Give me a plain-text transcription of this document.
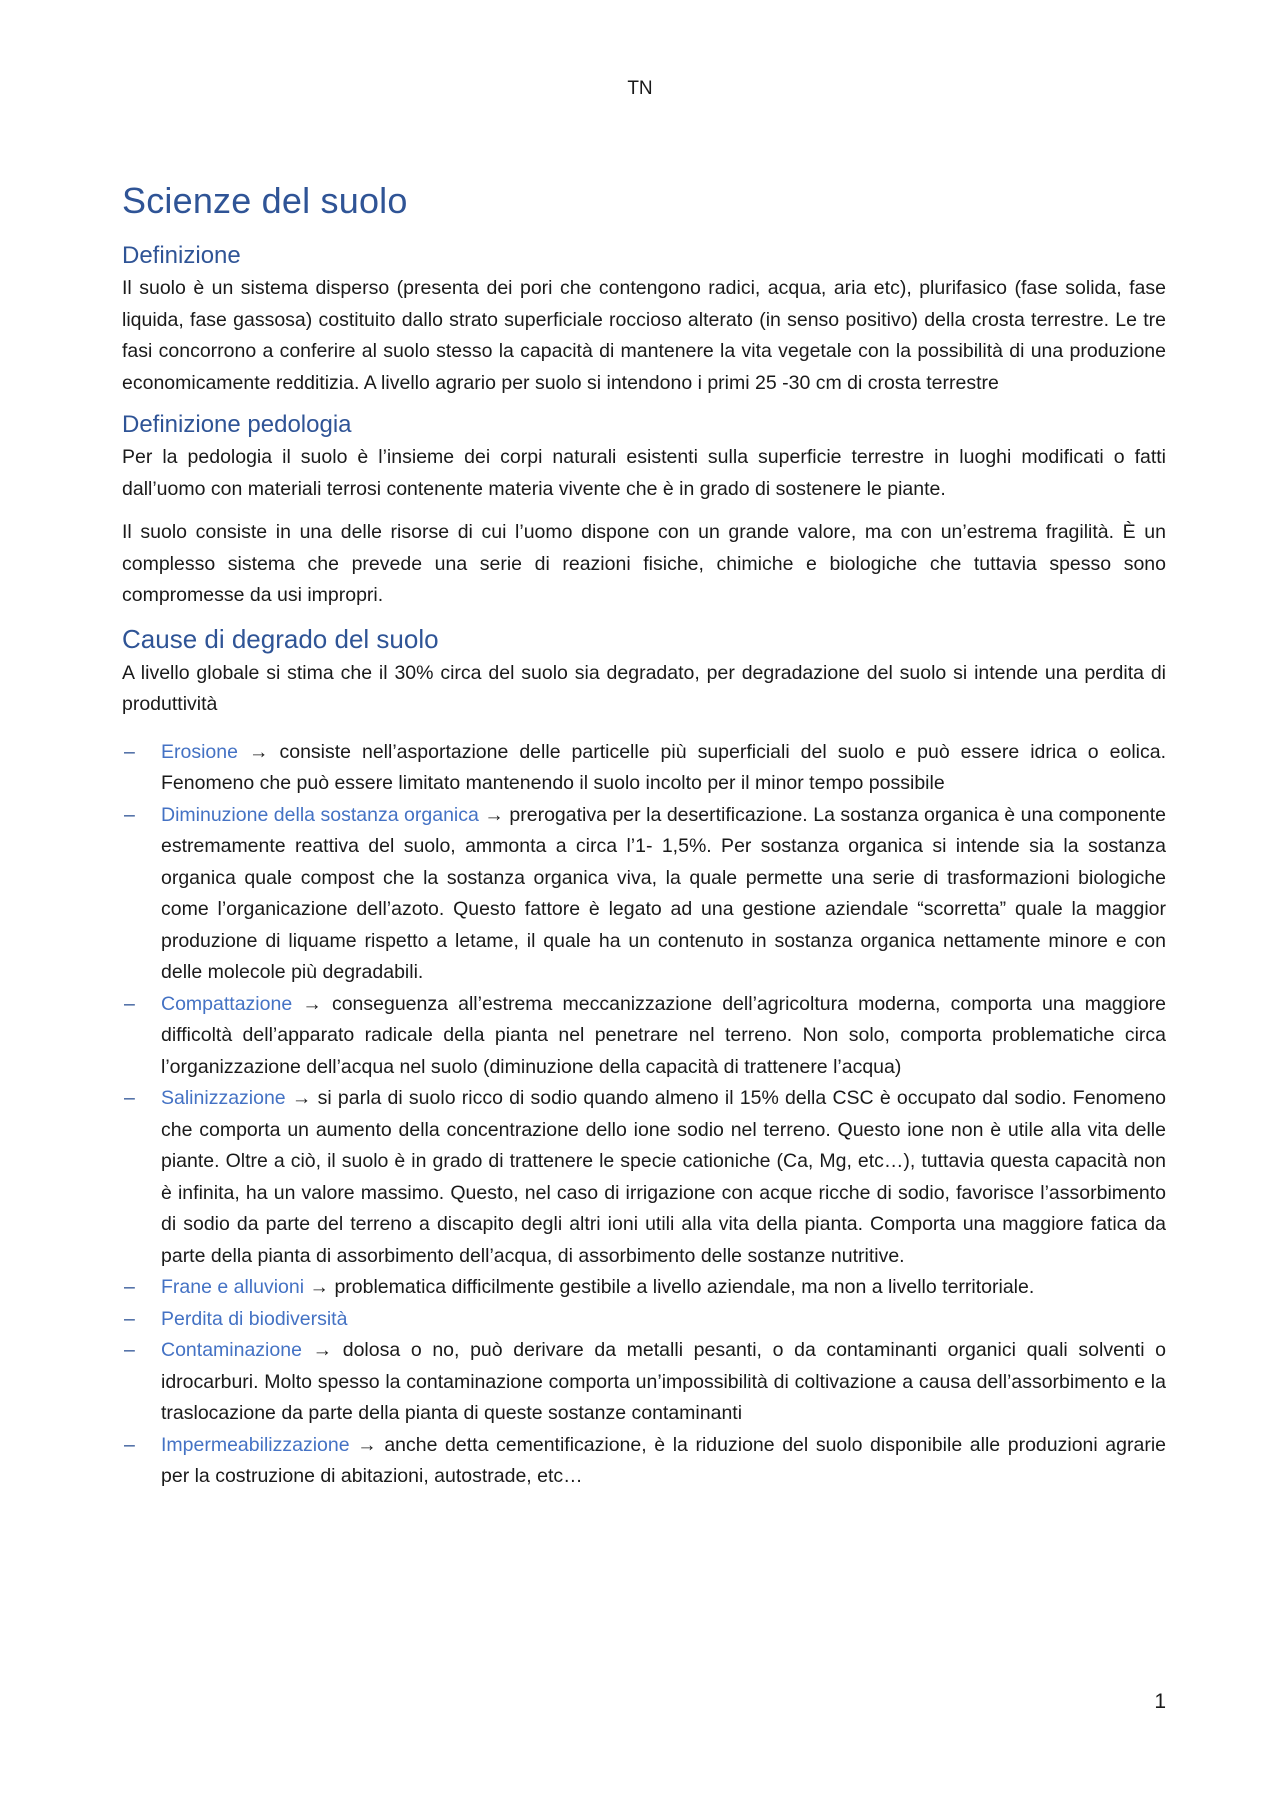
TN
Scienze del suolo
Definizione

Il suolo è un sistema disperso (presenta dei pori che contengono radici, acqua, aria etc), plurifasico (fase solida, fase liquida, fase gassosa) costituito dallo strato superficiale roccioso alterato (in senso positivo) della crosta terrestre. Le tre fasi concorrono a conferire al suolo stesso la capacità di mantenere la vita vegetale con la possibilità di una produzione economicamente redditizia. A livello agrario per suolo si intendono i primi 25 -30 cm di crosta terrestre

Definizione pedologia

Per la pedologia il suolo è l’insieme dei corpi naturali esistenti sulla superficie terrestre in luoghi modificati o fatti dall’uomo con materiali terrosi contenente materia vivente che è in grado di sostenere le piante.

Il suolo consiste in una delle risorse di cui l’uomo dispone con un grande valore, ma con un’estrema fragilità. È un complesso sistema che prevede una serie di reazioni fisiche, chimiche e biologiche che tuttavia spesso sono compromesse da usi impropri.

Cause di degrado del suolo

A livello globale si stima che il 30% circa del suolo sia degradato, per degradazione del suolo si intende una perdita di produttività

– Erosione → consiste nell’asportazione delle particelle più superficiali del suolo e può essere idrica o eolica. Fenomeno che può essere limitato mantenendo il suolo incolto per il minor tempo possibile
– Diminuzione della sostanza organica → prerogativa per la desertificazione. La sostanza organica è una componente estremamente reattiva del suolo, ammonta a circa l’1- 1,5%. Per sostanza organica si intende sia la sostanza organica quale compost che la sostanza organica viva, la quale permette una serie di trasformazioni biologiche come l’organicazione dell’azoto. Questo fattore è legato ad una gestione aziendale “scorretta” quale la maggior produzione di liquame rispetto a letame, il quale ha un contenuto in sostanza organica nettamente minore e con delle molecole più degradabili.
– Compattazione → conseguenza all’estrema meccanizzazione dell’agricoltura moderna, comporta una maggiore difficoltà dell’apparato radicale della pianta nel penetrare nel terreno. Non solo, comporta problematiche circa l’organizzazione dell’acqua nel suolo (diminuzione della capacità di trattenere l’acqua)
– Salinizzazione → si parla di suolo ricco di sodio quando almeno il 15% della CSC è occupato dal sodio. Fenomeno che comporta un aumento della concentrazione dello ione sodio nel terreno. Questo ione non è utile alla vita delle piante. Oltre a ciò, il suolo è in grado di trattenere le specie cationiche (Ca, Mg, etc…), tuttavia questa capacità non è infinita, ha un valore massimo. Questo, nel caso di irrigazione con acque ricche di sodio, favorisce l’assorbimento di sodio da parte del terreno a discapito degli altri ioni utili alla vita della pianta. Comporta una maggiore fatica da parte della pianta di assorbimento dell’acqua, di assorbimento delle sostanze nutritive.
– Frane e alluvioni → problematica difficilmente gestibile a livello aziendale, ma non a livello territoriale.
– Perdita di biodiversità
– Contaminazione → dolosa o no, può derivare da metalli pesanti, o da contaminanti organici quali solventi o idrocarburi. Molto spesso la contaminazione comporta un’impossibilità di coltivazione a causa dell’assorbimento e la traslocazione da parte della pianta di queste sostanze contaminanti
– Impermeabilizzazione → anche detta cementificazione, è la riduzione del suolo disponibile alle produzioni agrarie per la costruzione di abitazioni, autostrade, etc…
1
